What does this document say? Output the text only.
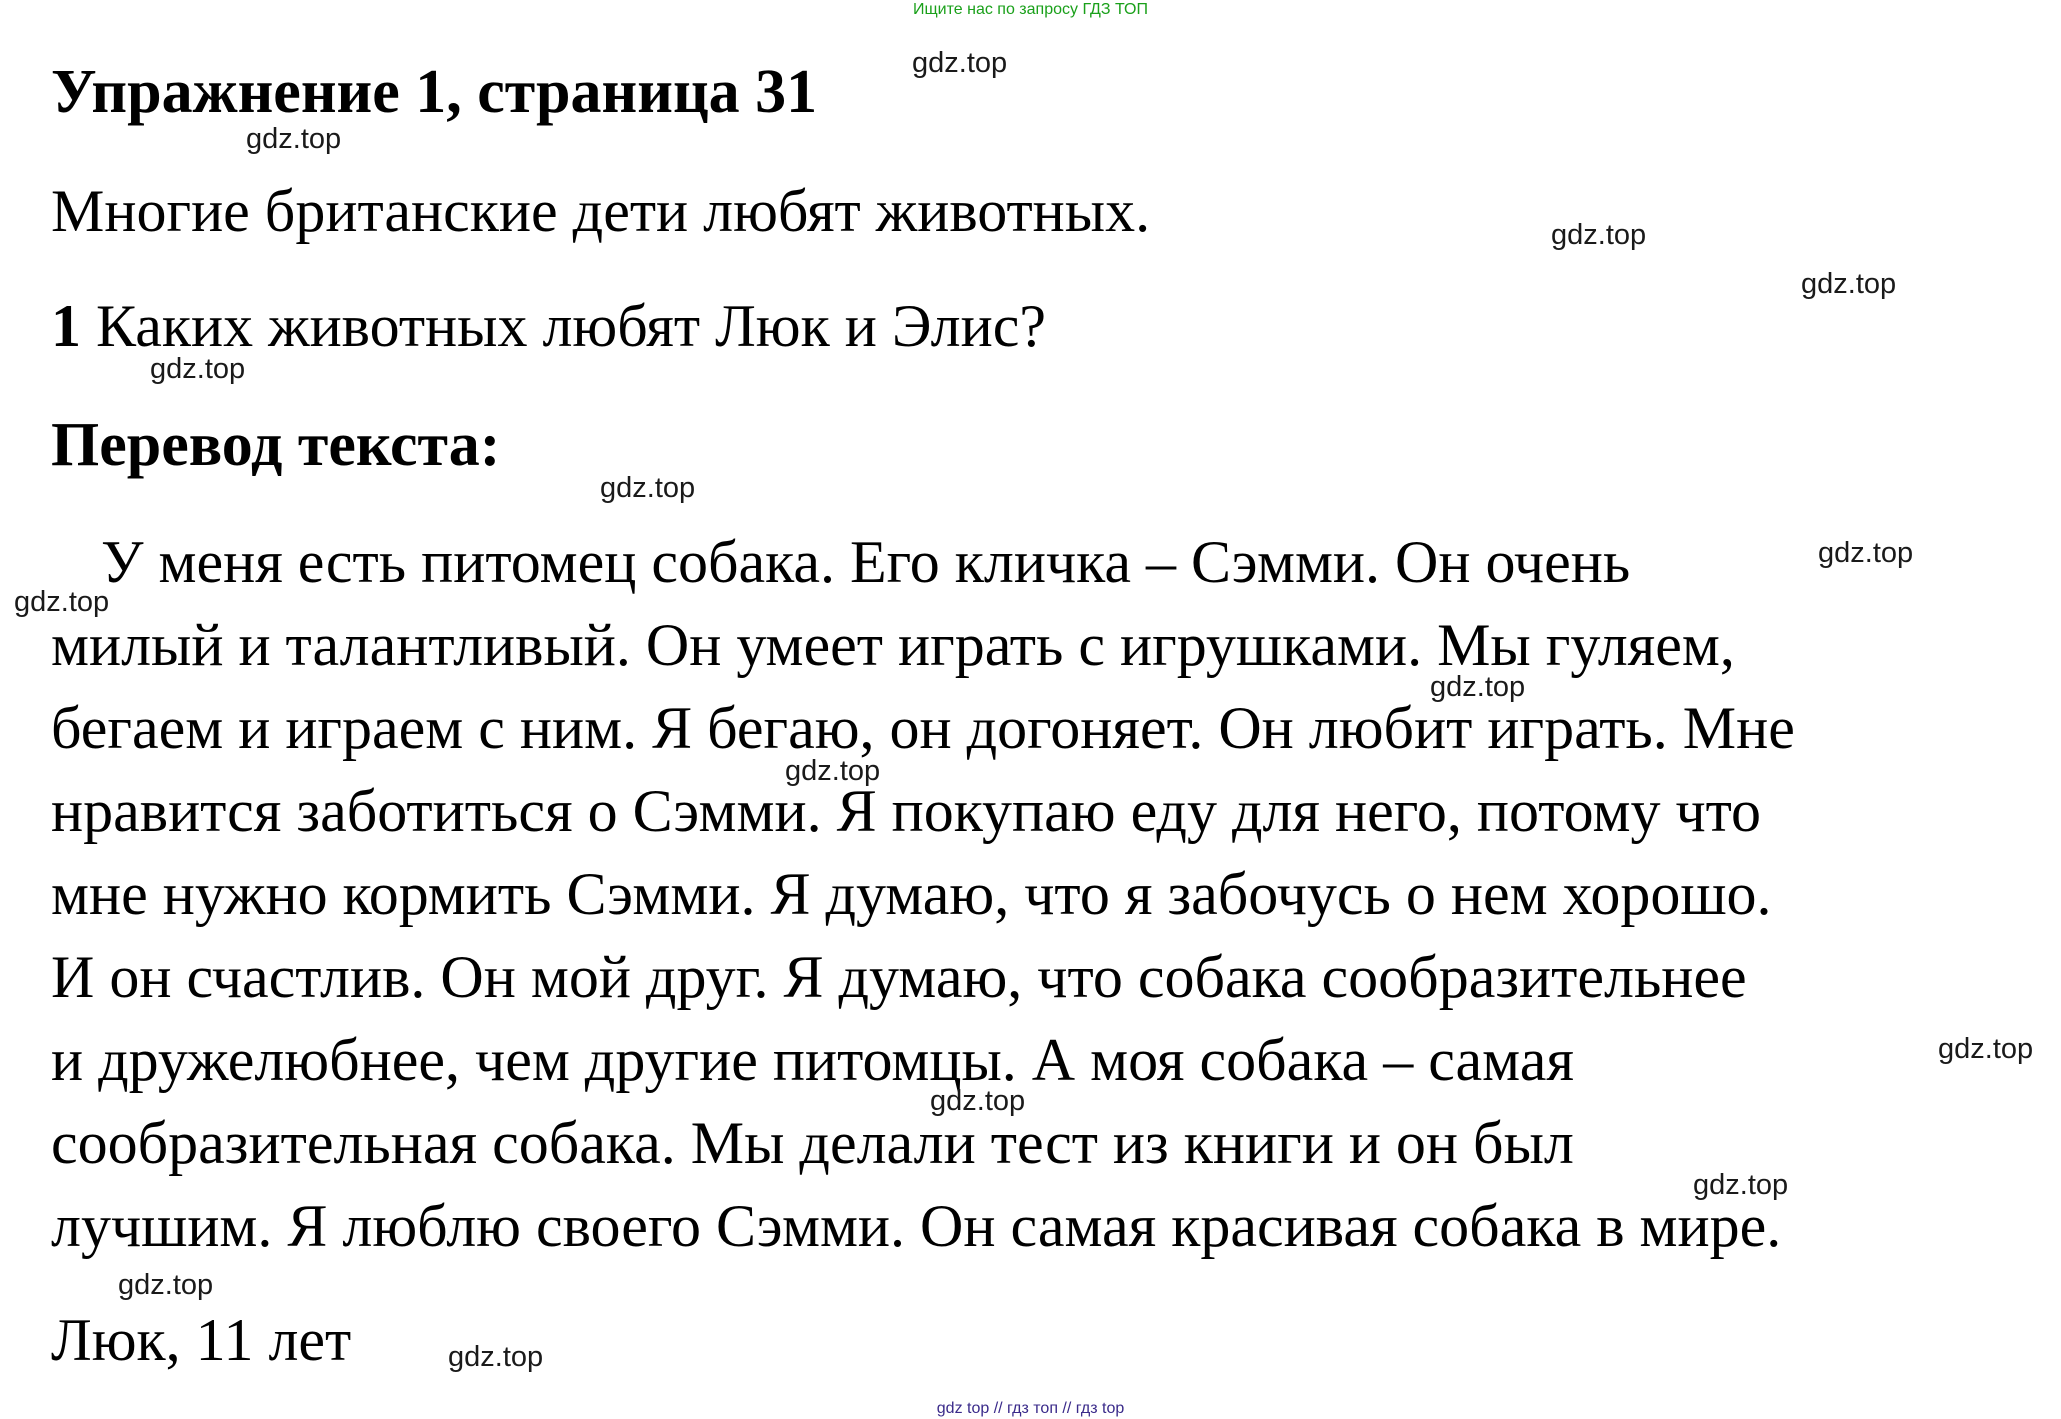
Ищите нас по запросу ГДЗ ТОП
Упражнение 1, страница 31
Многие британские дети любят животных.
1 Каких животных любят Люк и Элис?
Перевод текста:
У меня есть питомец собака. Его кличка – Сэмми. Он очень
милый и талантливый. Он умеет играть с игрушками. Мы гуляем,
бегаем и играем с ним. Я бегаю, он догоняет. Он любит играть. Мне
нравится заботиться о Сэмми. Я покупаю еду для него, потому что
мне нужно кормить Сэмми. Я думаю, что я забочусь о нем хорошо.
И он счастлив. Он мой друг. Я думаю, что собака сообразительнее
и дружелюбнее, чем другие питомцы. А моя собака – самая
сообразительная собака. Мы делали тест из книги и он был
лучшим. Я люблю своего Сэмми. Он самая красивая собака в мире.
Люк, 11 лет
gdz.top
gdz.top
gdz.top
gdz.top
gdz.top
gdz.top
gdz.top
gdz.top
gdz.top
gdz.top
gdz.top
gdz.top
gdz.top
gdz.top
gdz.top
gdz top // гдз топ // гдз top
